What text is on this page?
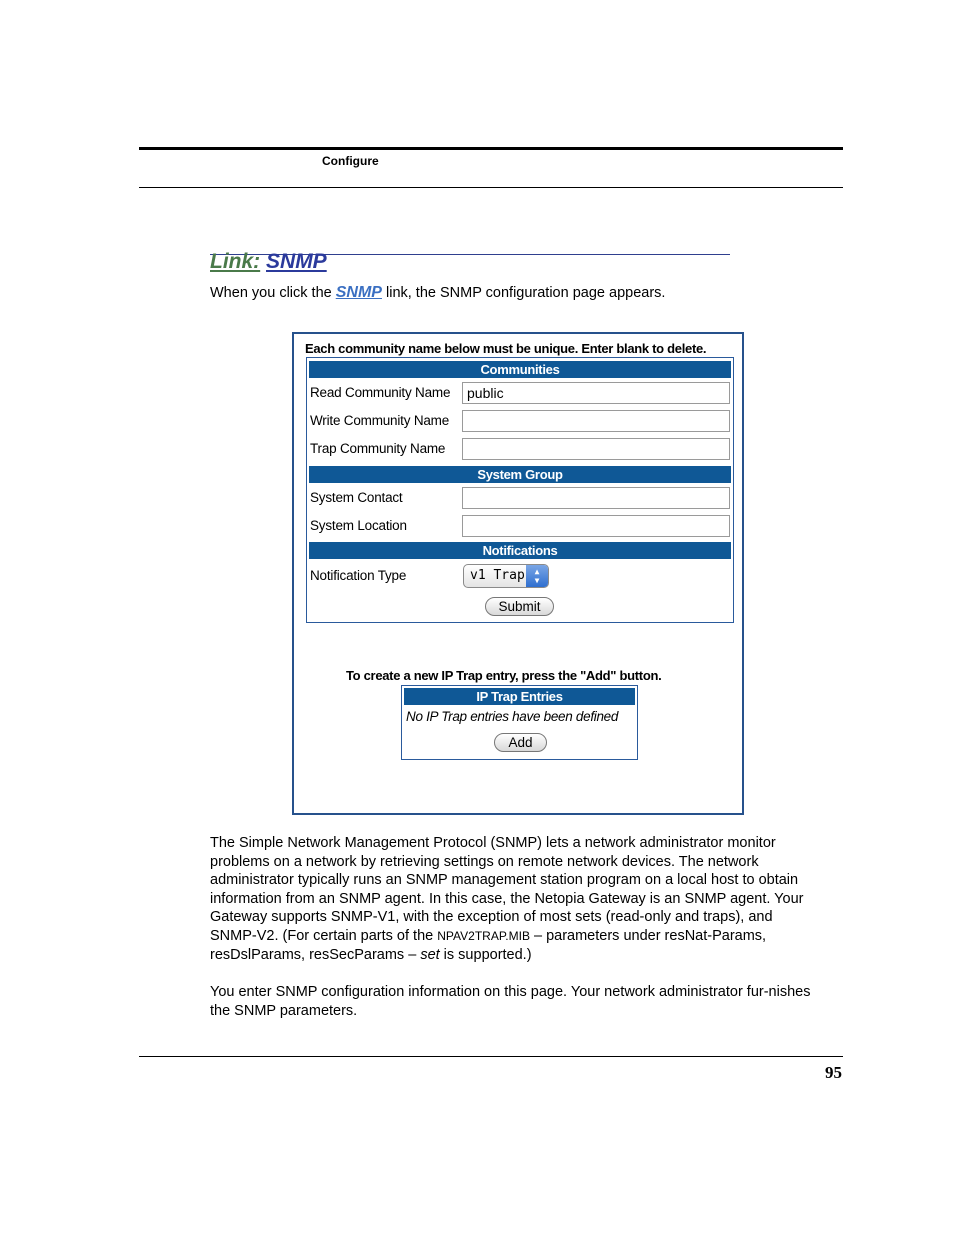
Configure
Link: SNMP
When you click the SNMP link, the SNMP configuration page appears.
Each community name below must be unique. Enter blank to delete.
Communities
Read Community Name
public
Write Community Name
Trap Community Name
System Group
System Contact
System Location
Notifications
Notification Type	v1 Trap	▲
▼
Submit
To create a new IP Trap entry, press the "Add" button.
IP Trap Entries
No IP Trap entries have been defined
Add
The Simple Network Management Protocol (SNMP) lets a network administrator monitor problems on a network by retrieving settings on remote network devices. The network administrator typically runs an SNMP management station program on a local host to obtain information from an SNMP agent. In this case, the Netopia Gateway is an SNMP agent. Your Gateway supports SNMP-V1, with the exception of most sets (read-only and traps), and SNMP-V2. (For certain parts of the NPAV2TRAP.MIB – parameters under resNat-Params, resDslParams, resSecParams – set is supported.)
You enter SNMP configuration information on this page. Your network administrator fur-nishes the SNMP parameters.
95
